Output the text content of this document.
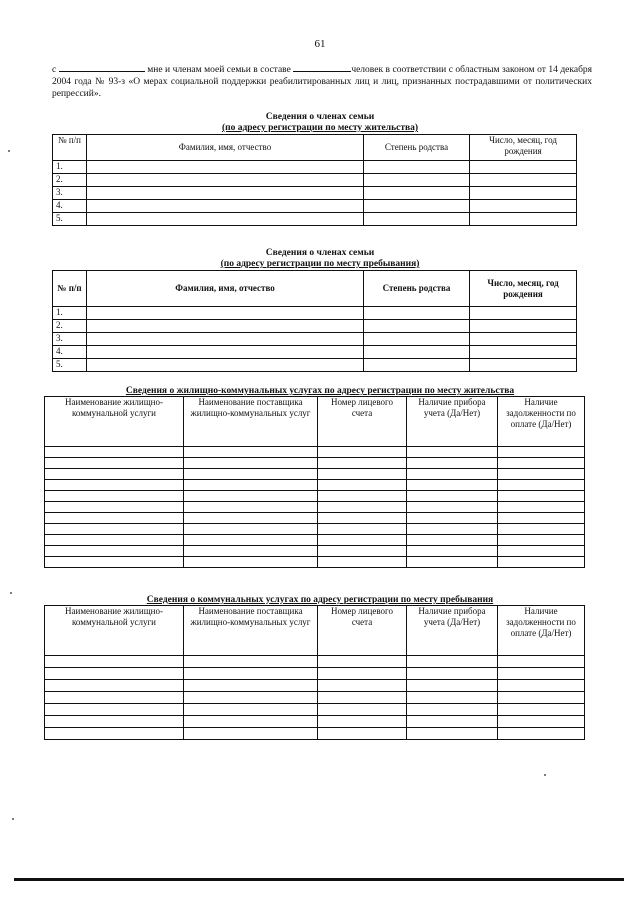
61
с	мне и членам моей семьи в составе	человек в соответствии с областным законом от 14 декабря 2004 года № 93-з «О мерах социальной поддержки реабилитированных лиц и лиц, признанных пострадавшими от политических репрессий».
Сведения о членах семьи
(по адресу регистрации по месту жительства)
№ п/п	Фамилия, имя, отчество	Степень родства	Число, месяц, год рождения
1.			
2.			
3.			
4.			
5.			
Сведения о членах семьи
(по адресу регистрации по месту пребывания)
№ п/п	Фамилия, имя, отчество	Степень родства	Число, месяц, год рождения
1.			
2.			
3.			
4.			
5.			
Сведения о жилищно-коммунальных услугах по адресу регистрации по месту жительства
Наименование жилищно-коммунальной услуги	Наименование поставщика жилищно-коммунальных услуг	Номер лицевого счета	Наличие прибора учета (Да/Нет)	Наличие задолженности по оплате (Да/Нет)

Сведения о коммунальных услугах по адресу регистрации по месту пребывания
Наименование жилищно-коммунальной услуги	Наименование поставщика жилищно-коммунальных услуг	Номер лицевого счета	Наличие прибора учета (Да/Нет)	Наличие задолженности по оплате (Да/Нет)
